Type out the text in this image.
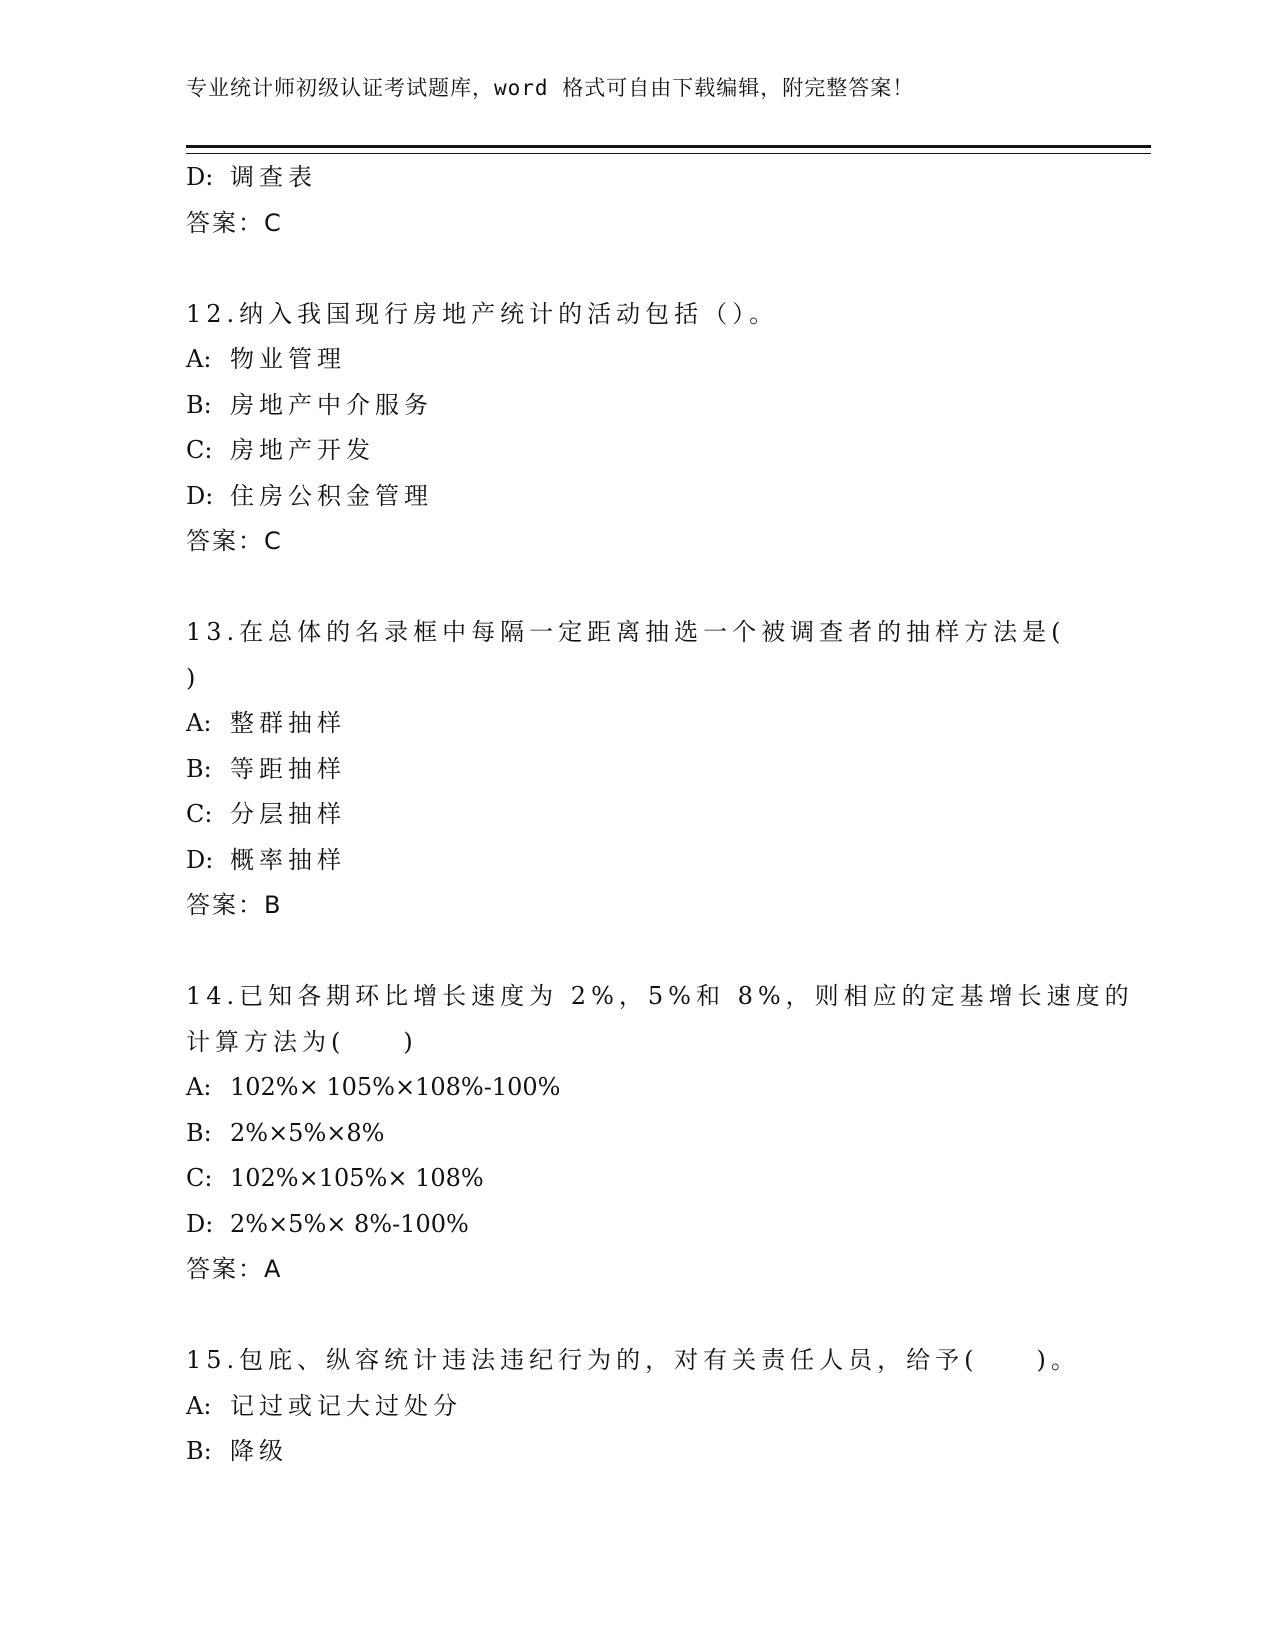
专业统计师初级认证考试题库，word 格式可自由下载编辑，附完整答案！
D: 调查表
答案：C
12.纳入我国现行房地产统计的活动包括（）。
A: 物业管理
B: 房地产中介服务
C: 房地产开发
D: 住房公积金管理
答案：C
13.在总体的名录框中每隔一定距离抽选一个被调查者的抽样方法是(
)
A: 整群抽样
B: 等距抽样
C: 分层抽样
D: 概率抽样
答案：B
14.已知各期环比增长速度为 2%，5%和 8%，则相应的定基增长速度的
计算方法为(　　)
A: 102%× 105%×108%-100%
B: 2%×5%×8%
C: 102%×105%× 108%
D: 2%×5%× 8%-100%
答案：A
15.包庇、纵容统计违法违纪行为的，对有关责任人员，给予(　　)。
A: 记过或记大过处分
B: 降级
